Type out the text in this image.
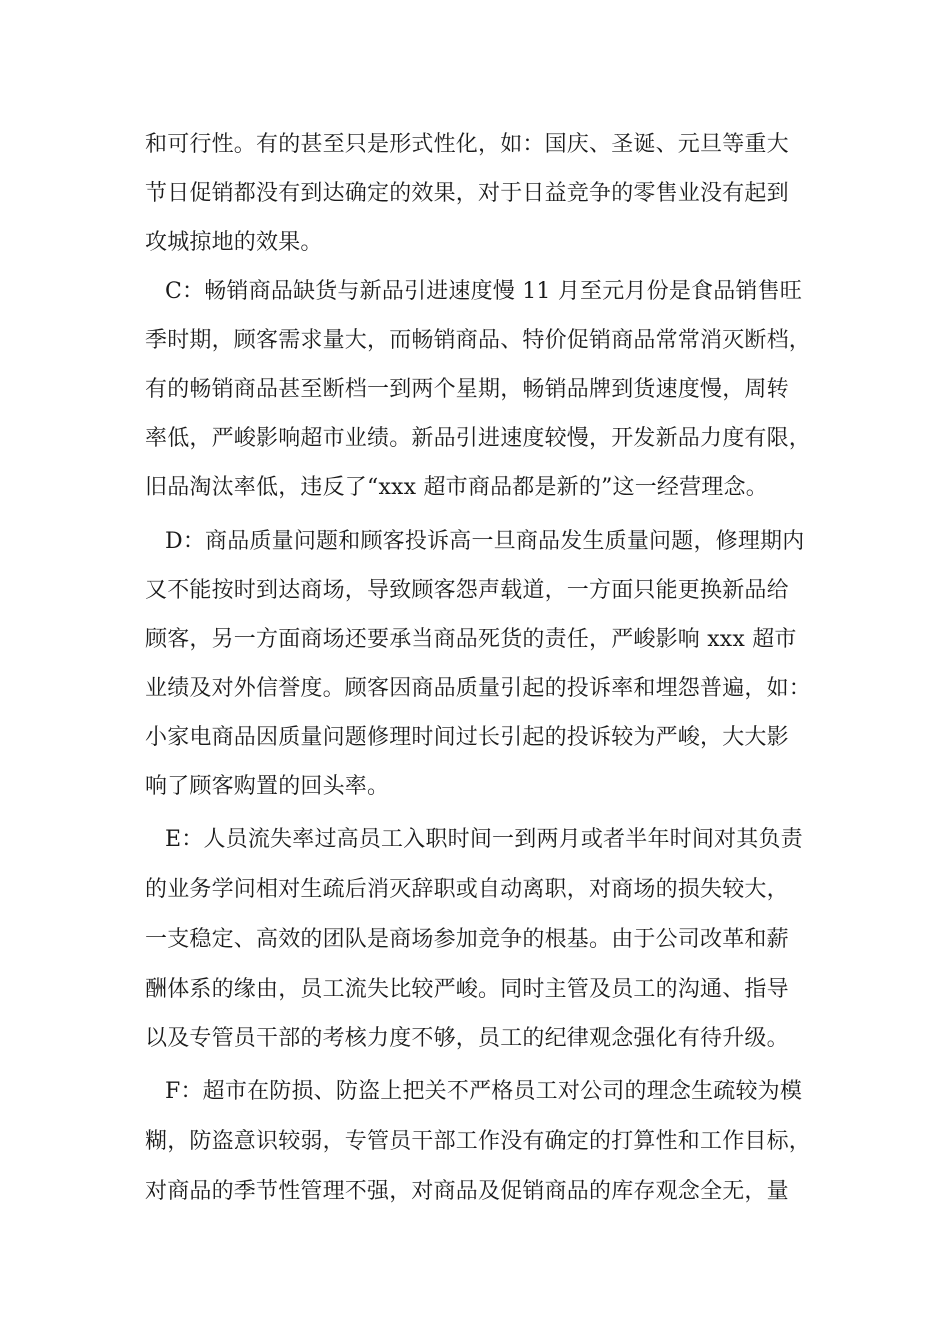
和可行性。有的甚至只是形式性化，如：国庆、圣诞、元旦等重大
节日促销都没有到达确定的效果，对于日益竞争的零售业没有起到
攻城掠地的效果。
C：畅销商品缺货与新品引进速度慢 11 月至元月份是食品销售旺
季时期，顾客需求量大，而畅销商品、特价促销商品常常消灭断档，
有的畅销商品甚至断档一到两个星期，畅销品牌到货速度慢，周转
率低，严峻影响超市业绩。新品引进速度较慢，开发新品力度有限，
旧品淘汰率低，违反了“xxx 超市商品都是新的”这一经营理念。
D：商品质量问题和顾客投诉高一旦商品发生质量问题，修理期内
又不能按时到达商场，导致顾客怨声载道，一方面只能更换新品给
顾客，另一方面商场还要承当商品死货的责任，严峻影响 xxx 超市
业绩及对外信誉度。顾客因商品质量引起的投诉率和埋怨普遍，如：
小家电商品因质量问题修理时间过长引起的投诉较为严峻，大大影
响了顾客购置的回头率。
E：人员流失率过高员工入职时间一到两月或者半年时间对其负责
的业务学问相对生疏后消灭辞职或自动离职，对商场的损失较大，
一支稳定、高效的团队是商场参加竞争的根基。由于公司改革和薪
酬体系的缘由，员工流失比较严峻。同时主管及员工的沟通、指导
以及专管员干部的考核力度不够，员工的纪律观念强化有待升级。
F：超市在防损、防盗上把关不严格员工对公司的理念生疏较为模
糊，防盗意识较弱，专管员干部工作没有确定的打算性和工作目标，
对商品的季节性管理不强，对商品及促销商品的库存观念全无，量
